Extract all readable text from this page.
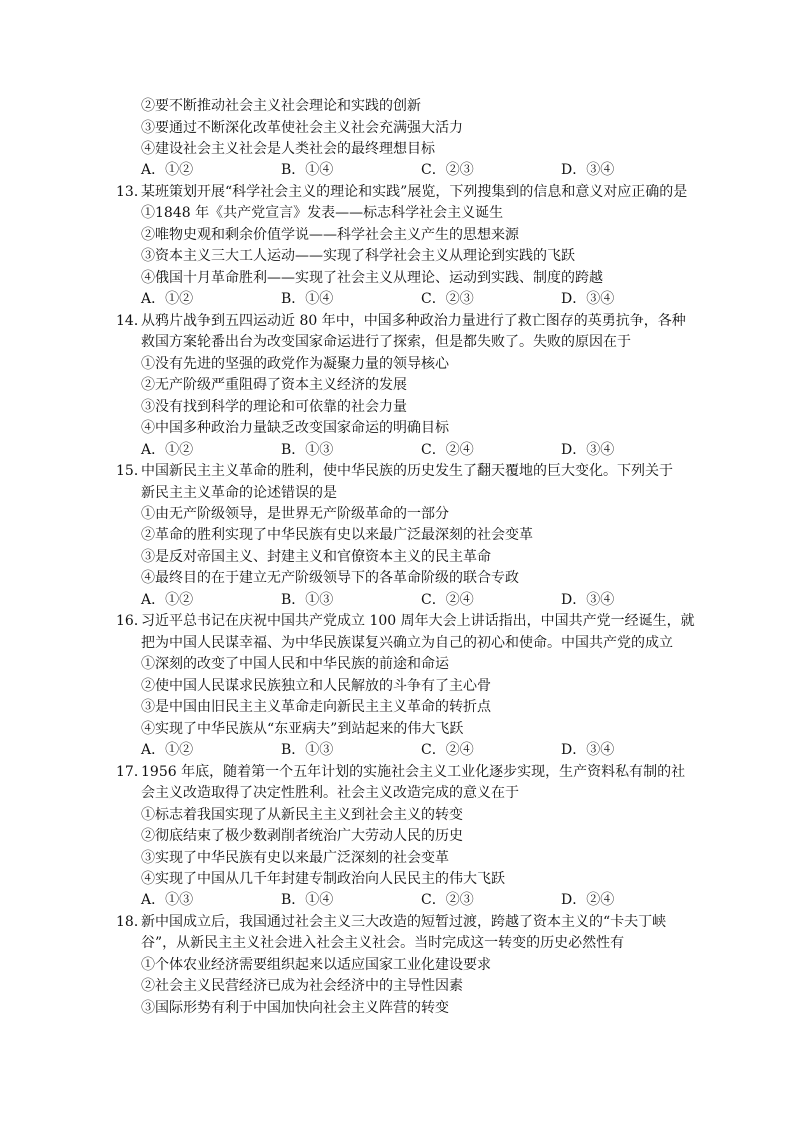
②要不断推动社会主义社会理论和实践的创新
③要通过不断深化改革使社会主义社会充满强大活力
④建设社会主义社会是人类社会的最终理想目标
A．①②	B．①④	C．②③	D．③④
13．
某班策划开展“科学社会主义的理论和实践”展览，下列搜集到的信息和意义对应正确的是
①1848 年《共产党宣言》发表——标志科学社会主义诞生
②唯物史观和剩余价值学说——科学社会主义产生的思想来源
③资本主义三大工人运动——实现了科学社会主义从理论到实践的飞跃
④俄国十月革命胜利——实现了社会主义从理论、运动到实践、制度的跨越
A．①②	B．①④	C．②③	D．③④
14．
从鸦片战争到五四运动近 80 年中，中国多种政治力量进行了救亡图存的英勇抗争，各种
救国方案轮番出台为改变国家命运进行了探索，但是都失败了。失败的原因在于
①没有先进的坚强的政党作为凝聚力量的领导核心
②无产阶级严重阻碍了资本主义经济的发展
③没有找到科学的理论和可依靠的社会力量
④中国多种政治力量缺乏改变国家命运的明确目标
A．①②	B．①③	C．②④	D．③④
15．
中国新民主主义革命的胜利，使中华民族的历史发生了翻天覆地的巨大变化。下列关于
新民主主义革命的论述错误的是
①由无产阶级领导，是世界无产阶级革命的一部分
②革命的胜利实现了中华民族有史以来最广泛最深刻的社会变革
③是反对帝国主义、封建主义和官僚资本主义的民主革命
④最终目的在于建立无产阶级领导下的各革命阶级的联合专政
A．①②	B．①③	C．②④	D．③④
16．
习近平总书记在庆祝中国共产党成立 100 周年大会上讲话指出，中国共产党一经诞生，就
把为中国人民谋幸福、为中华民族谋复兴确立为自己的初心和使命。中国共产党的成立
①深刻的改变了中国人民和中华民族的前途和命运
②使中国人民谋求民族独立和人民解放的斗争有了主心骨
③是中国由旧民主主义革命走向新民主主义革命的转折点
④实现了中华民族从“东亚病夫”到站起来的伟大飞跃
A．①②	B．①③	C．②④	D．③④
17．
1956 年底，随着第一个五年计划的实施社会主义工业化逐步实现，生产资料私有制的社
会主义改造取得了决定性胜利。社会主义改造完成的意义在于
①标志着我国实现了从新民主主义到社会主义的转变
②彻底结束了极少数剥削者统治广大劳动人民的历史
③实现了中华民族有史以来最广泛深刻的社会变革
④实现了中国从几千年封建专制政治向人民民主的伟大飞跃
A．①③	B．①④	C．②③	D．②④
18．
新中国成立后，我国通过社会主义三大改造的短暂过渡，跨越了资本主义的“卡夫丁峡
谷”，从新民主主义社会进入社会主义社会。当时完成这一转变的历史必然性有
①个体农业经济需要组织起来以适应国家工业化建设要求
②社会主义民营经济已成为社会经济中的主导性因素
③国际形势有利于中国加快向社会主义阵营的转变
